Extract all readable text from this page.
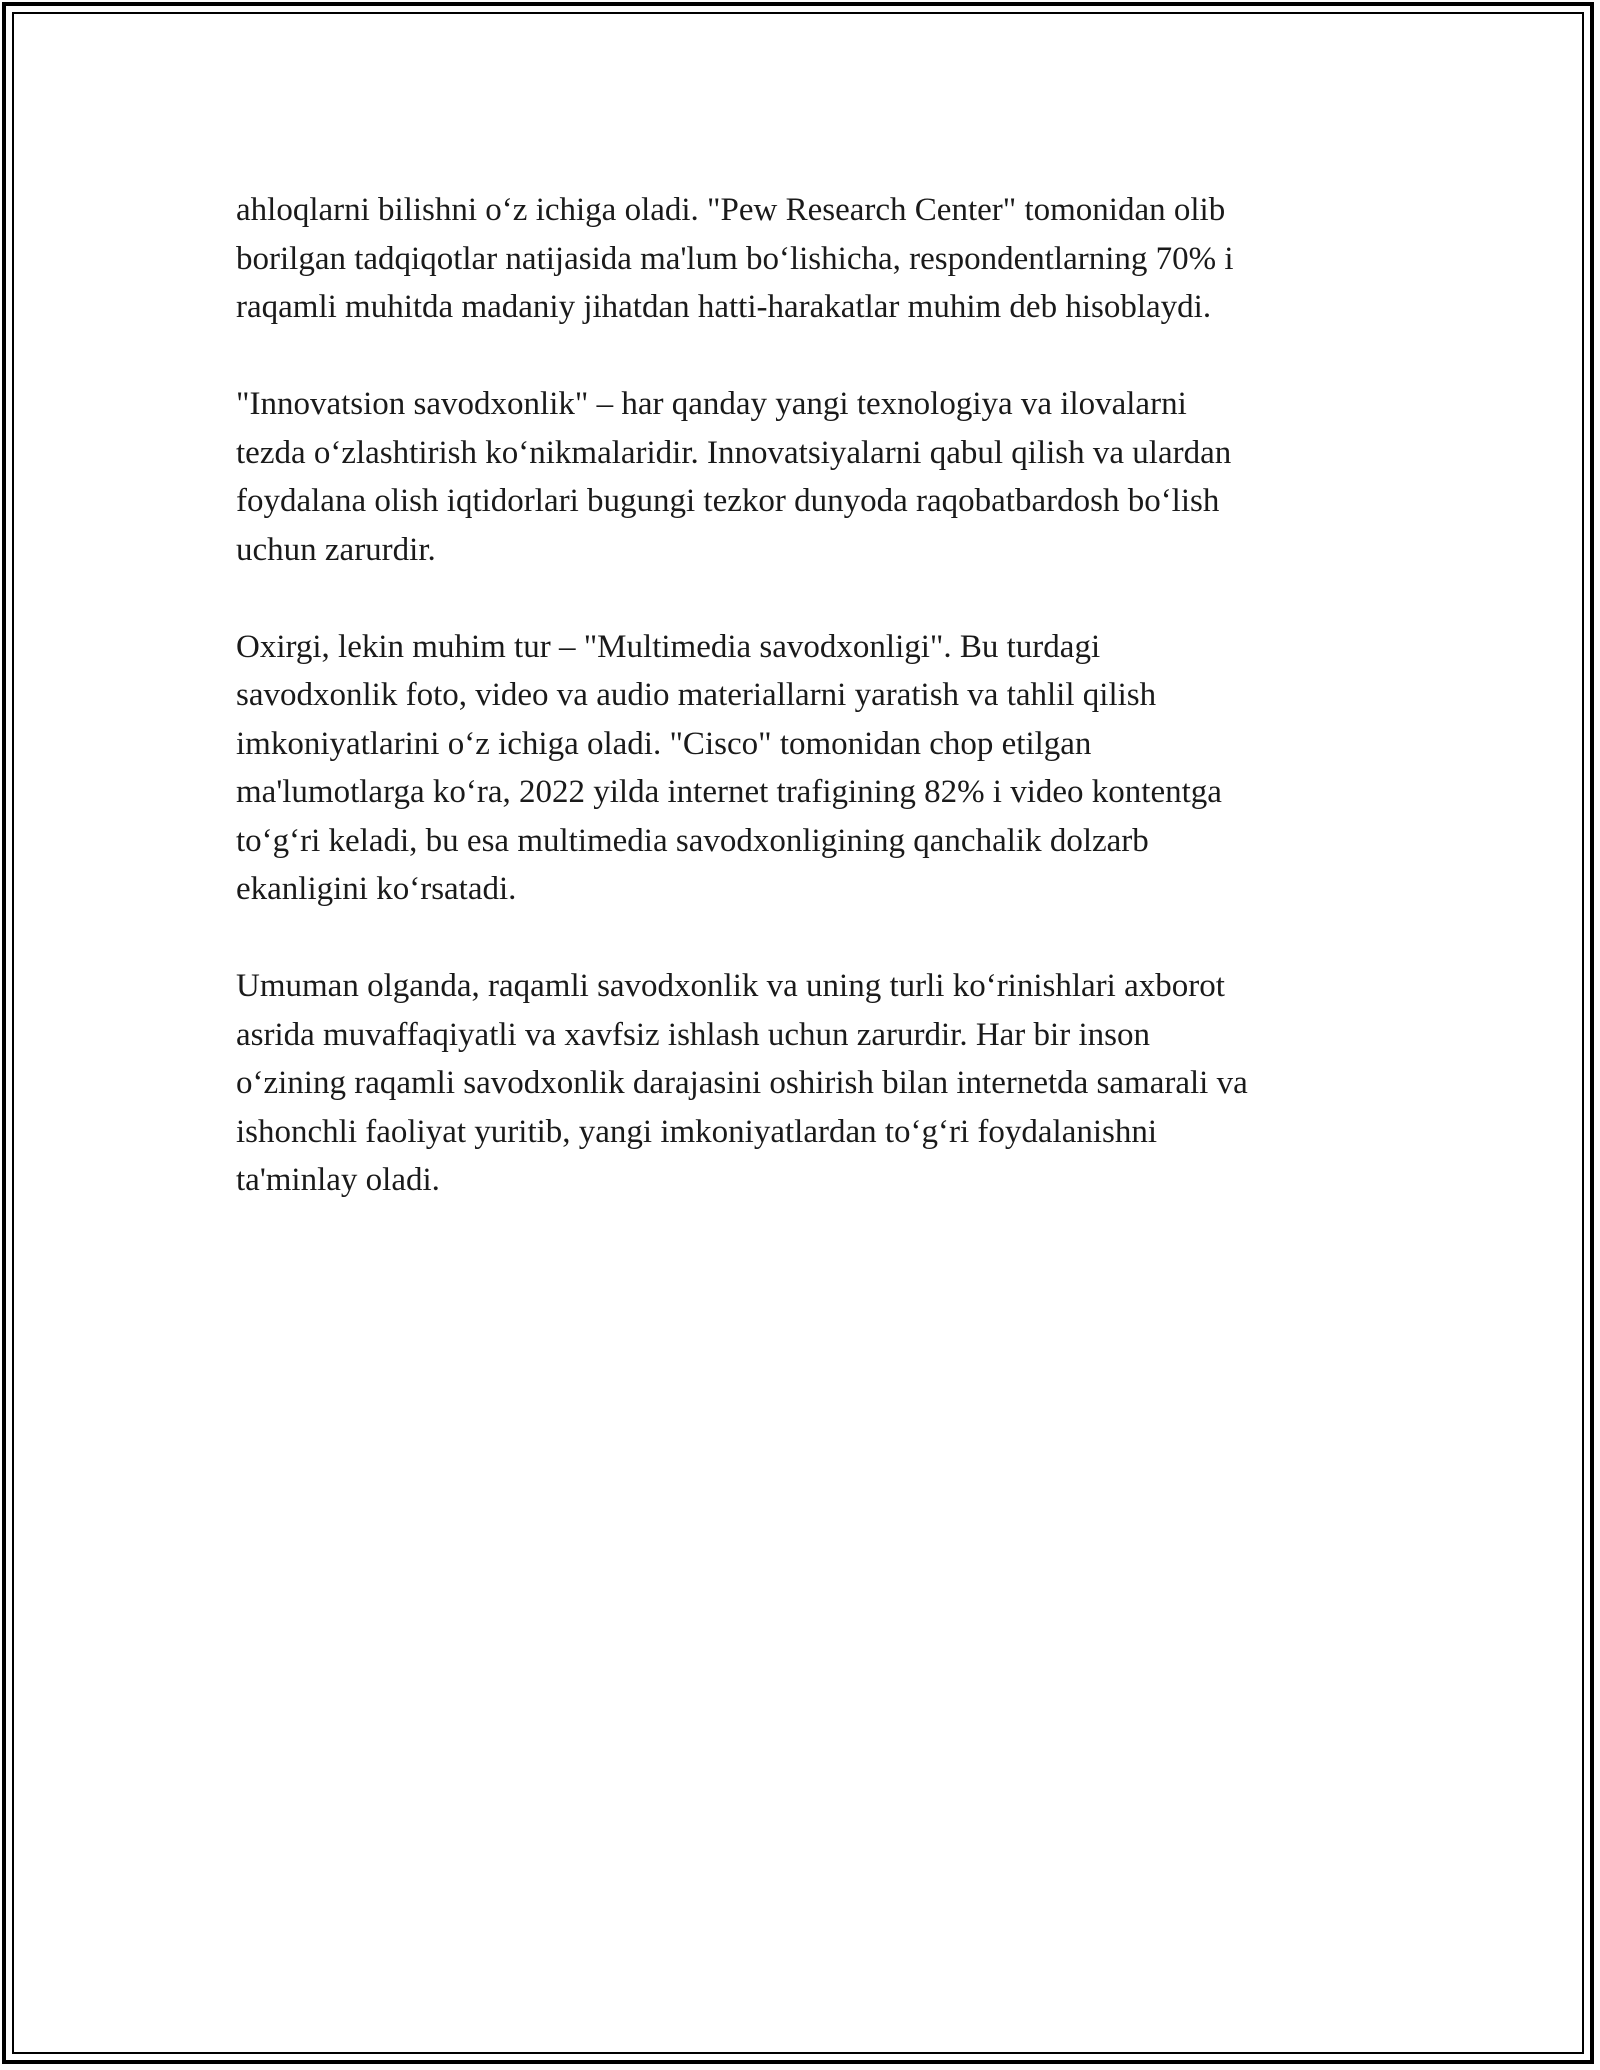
ahloqlarni bilishni o‘z ichiga oladi. "Pew Research Center" tomonidan olib
borilgan tadqiqotlar natijasida ma'lum bo‘lishicha, respondentlarning 70% i
raqamli muhitda madaniy jihatdan hatti-harakatlar muhim deb hisoblaydi.

"Innovatsion savodxonlik" – har qanday yangi texnologiya va ilovalarni
tezda o‘zlashtirish ko‘nikmalaridir. Innovatsiyalarni qabul qilish va ulardan
foydalana olish iqtidorlari bugungi tezkor dunyoda raqobatbardosh bo‘lish
uchun zarurdir.

Oxirgi, lekin muhim tur – "Multimedia savodxonligi". Bu turdagi
savodxonlik foto, video va audio materiallarni yaratish va tahlil qilish
imkoniyatlarini o‘z ichiga oladi. "Cisco" tomonidan chop etilgan
ma'lumotlarga ko‘ra, 2022 yilda internet trafigining 82% i video kontentga
to‘g‘ri keladi, bu esa multimedia savodxonligining qanchalik dolzarb
ekanligini ko‘rsatadi.

Umuman olganda, raqamli savodxonlik va uning turli ko‘rinishlari axborot
asrida muvaffaqiyatli va xavfsiz ishlash uchun zarurdir. Har bir inson
o‘zining raqamli savodxonlik darajasini oshirish bilan internetda samarali va
ishonchli faoliyat yuritib, yangi imkoniyatlardan to‘g‘ri foydalanishni
ta'minlay oladi.
